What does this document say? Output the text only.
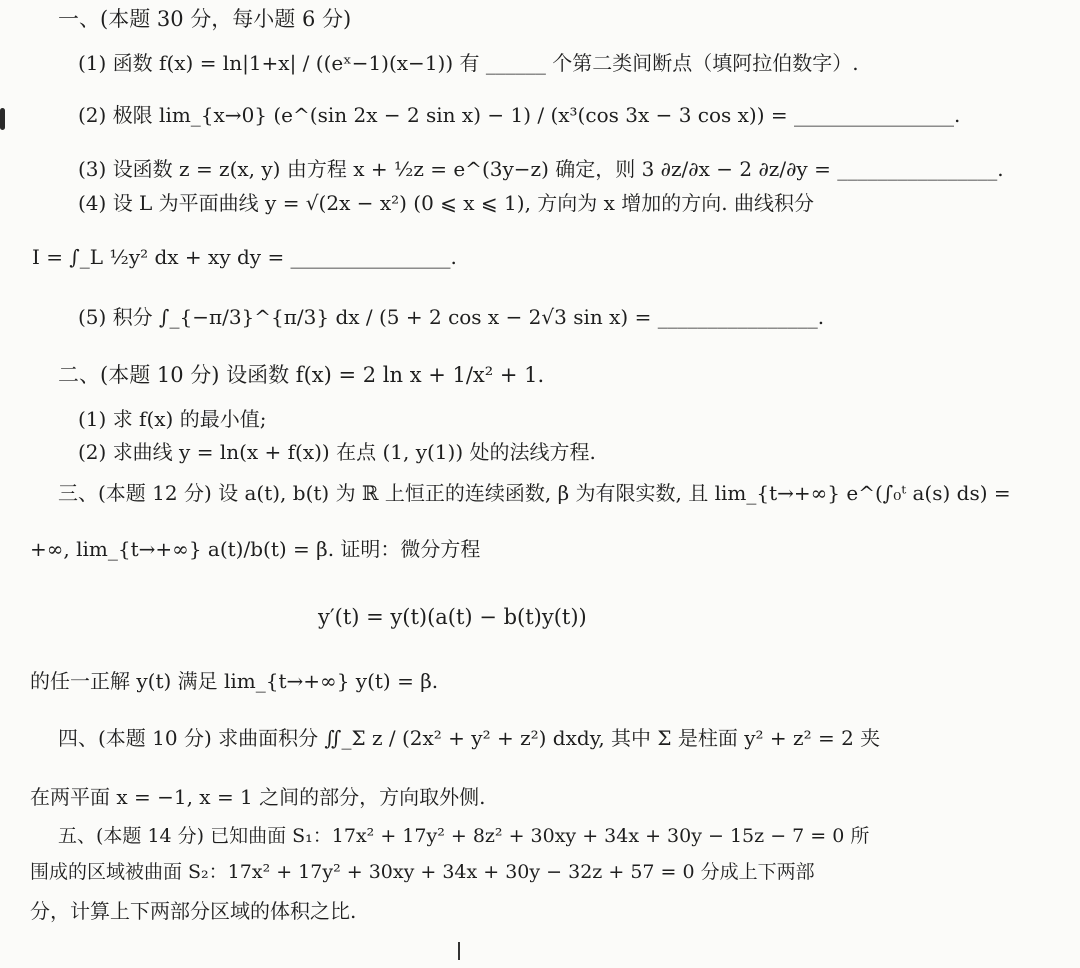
一、(本题 30 分，每小题 6 分)
(1) 函数 f(x) = ln|1+x| / ((eˣ−1)(x−1)) 有 ______ 个第二类间断点（填阿拉伯数字）.
(2) 极限 lim_{x→0} (e^(sin 2x − 2 sin x) − 1) / (x³(cos 3x − 3 cos x)) = ________________.
(3) 设函数 z = z(x, y) 由方程 x + ½z = e^(3y−z) 确定，则 3 ∂z/∂x − 2 ∂z/∂y = ________________.
(4) 设 L 为平面曲线 y = √(2x − x²) (0 ⩽ x ⩽ 1), 方向为 x 增加的方向. 曲线积分
I = ∫_L ½y² dx + xy dy = ________________.
(5) 积分 ∫_{−π/3}^{π/3} dx / (5 + 2 cos x − 2√3 sin x) = ________________.
二、(本题 10 分) 设函数 f(x) = 2 ln x + 1/x² + 1.
(1) 求 f(x) 的最小值;
(2) 求曲线 y = ln(x + f(x)) 在点 (1, y(1)) 处的法线方程.
三、(本题 12 分) 设 a(t), b(t) 为 ℝ 上恒正的连续函数, β 为有限实数, 且 lim_{t→+∞} e^(∫₀ᵗ a(s) ds) =
+∞, lim_{t→+∞} a(t)/b(t) = β. 证明：微分方程
y′(t) = y(t)(a(t) − b(t)y(t))
的任一正解 y(t) 满足 lim_{t→+∞} y(t) = β.
四、(本题 10 分) 求曲面积分 ∬_Σ z / (2x² + y² + z²) dxdy, 其中 Σ 是柱面 y² + z² = 2 夹
在两平面 x = −1, x = 1 之间的部分，方向取外侧.
五、(本题 14 分) 已知曲面 S₁：17x² + 17y² + 8z² + 30xy + 34x + 30y − 15z − 7 = 0 所
围成的区域被曲面 S₂：17x² + 17y² + 30xy + 34x + 30y − 32z + 57 = 0 分成上下两部
分，计算上下两部分区域的体积之比.
